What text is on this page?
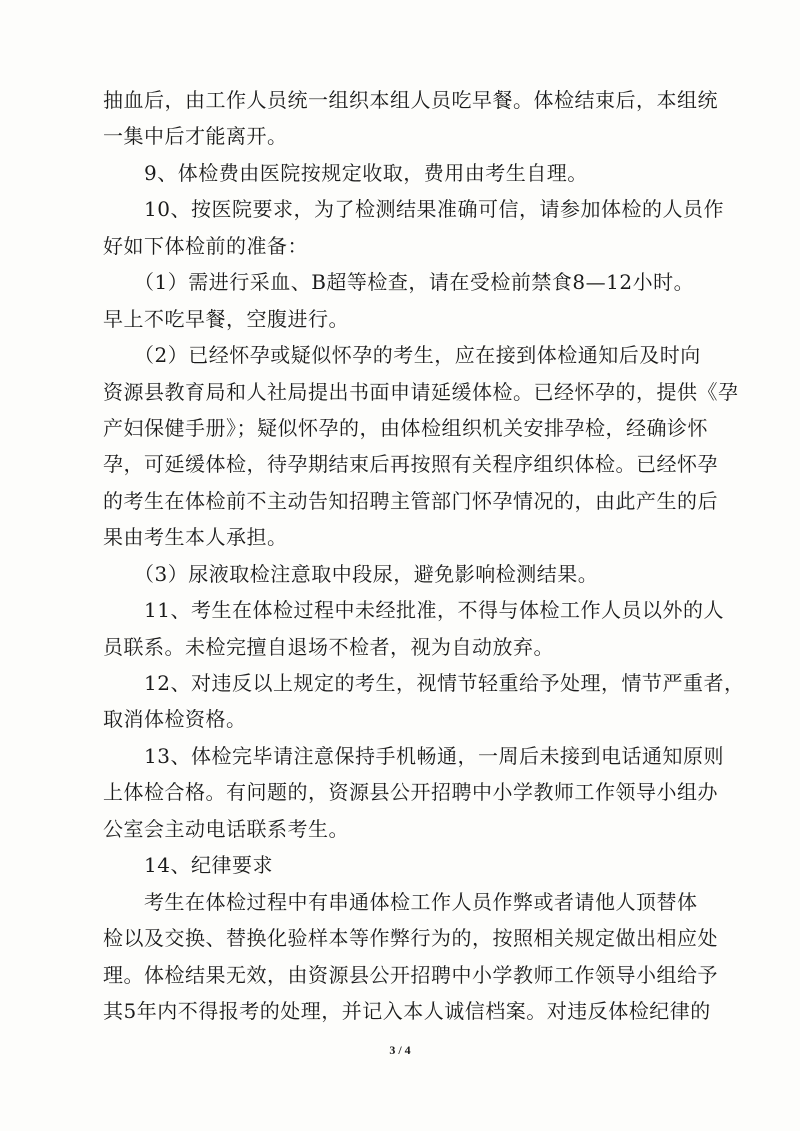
抽血后，由工作人员统一组织本组人员吃早餐。体检结束后，本组统
一集中后才能离开。
　　9、体检费由医院按规定收取，费用由考生自理。
　　10、按医院要求，为了检测结果准确可信，请参加体检的人员作
好如下体检前的准备：
　　（1）需进行采血、B超等检查，请在受检前禁食8—12小时。
早上不吃早餐，空腹进行。
　　（2）已经怀孕或疑似怀孕的考生，应在接到体检通知后及时向
资源县教育局和人社局提出书面申请延缓体检。已经怀孕的，提供《孕
产妇保健手册》；疑似怀孕的，由体检组织机关安排孕检，经确诊怀
孕，可延缓体检，待孕期结束后再按照有关程序组织体检。已经怀孕
的考生在体检前不主动告知招聘主管部门怀孕情况的，由此产生的后
果由考生本人承担。
　　（3）尿液取检注意取中段尿，避免影响检测结果。
　　11、考生在体检过程中未经批准，不得与体检工作人员以外的人
员联系。未检完擅自退场不检者，视为自动放弃。
　　12、对违反以上规定的考生，视情节轻重给予处理，情节严重者，
取消体检资格。
　　13、体检完毕请注意保持手机畅通，一周后未接到电话通知原则
上体检合格。有问题的，资源县公开招聘中小学教师工作领导小组办
公室会主动电话联系考生。
　　14、纪律要求
　　考生在体检过程中有串通体检工作人员作弊或者请他人顶替体
检以及交换、替换化验样本等作弊行为的，按照相关规定做出相应处
理。体检结果无效，由资源县公开招聘中小学教师工作领导小组给予
其5年内不得报考的处理，并记入本人诚信档案。对违反体检纪律的
3 / 4
